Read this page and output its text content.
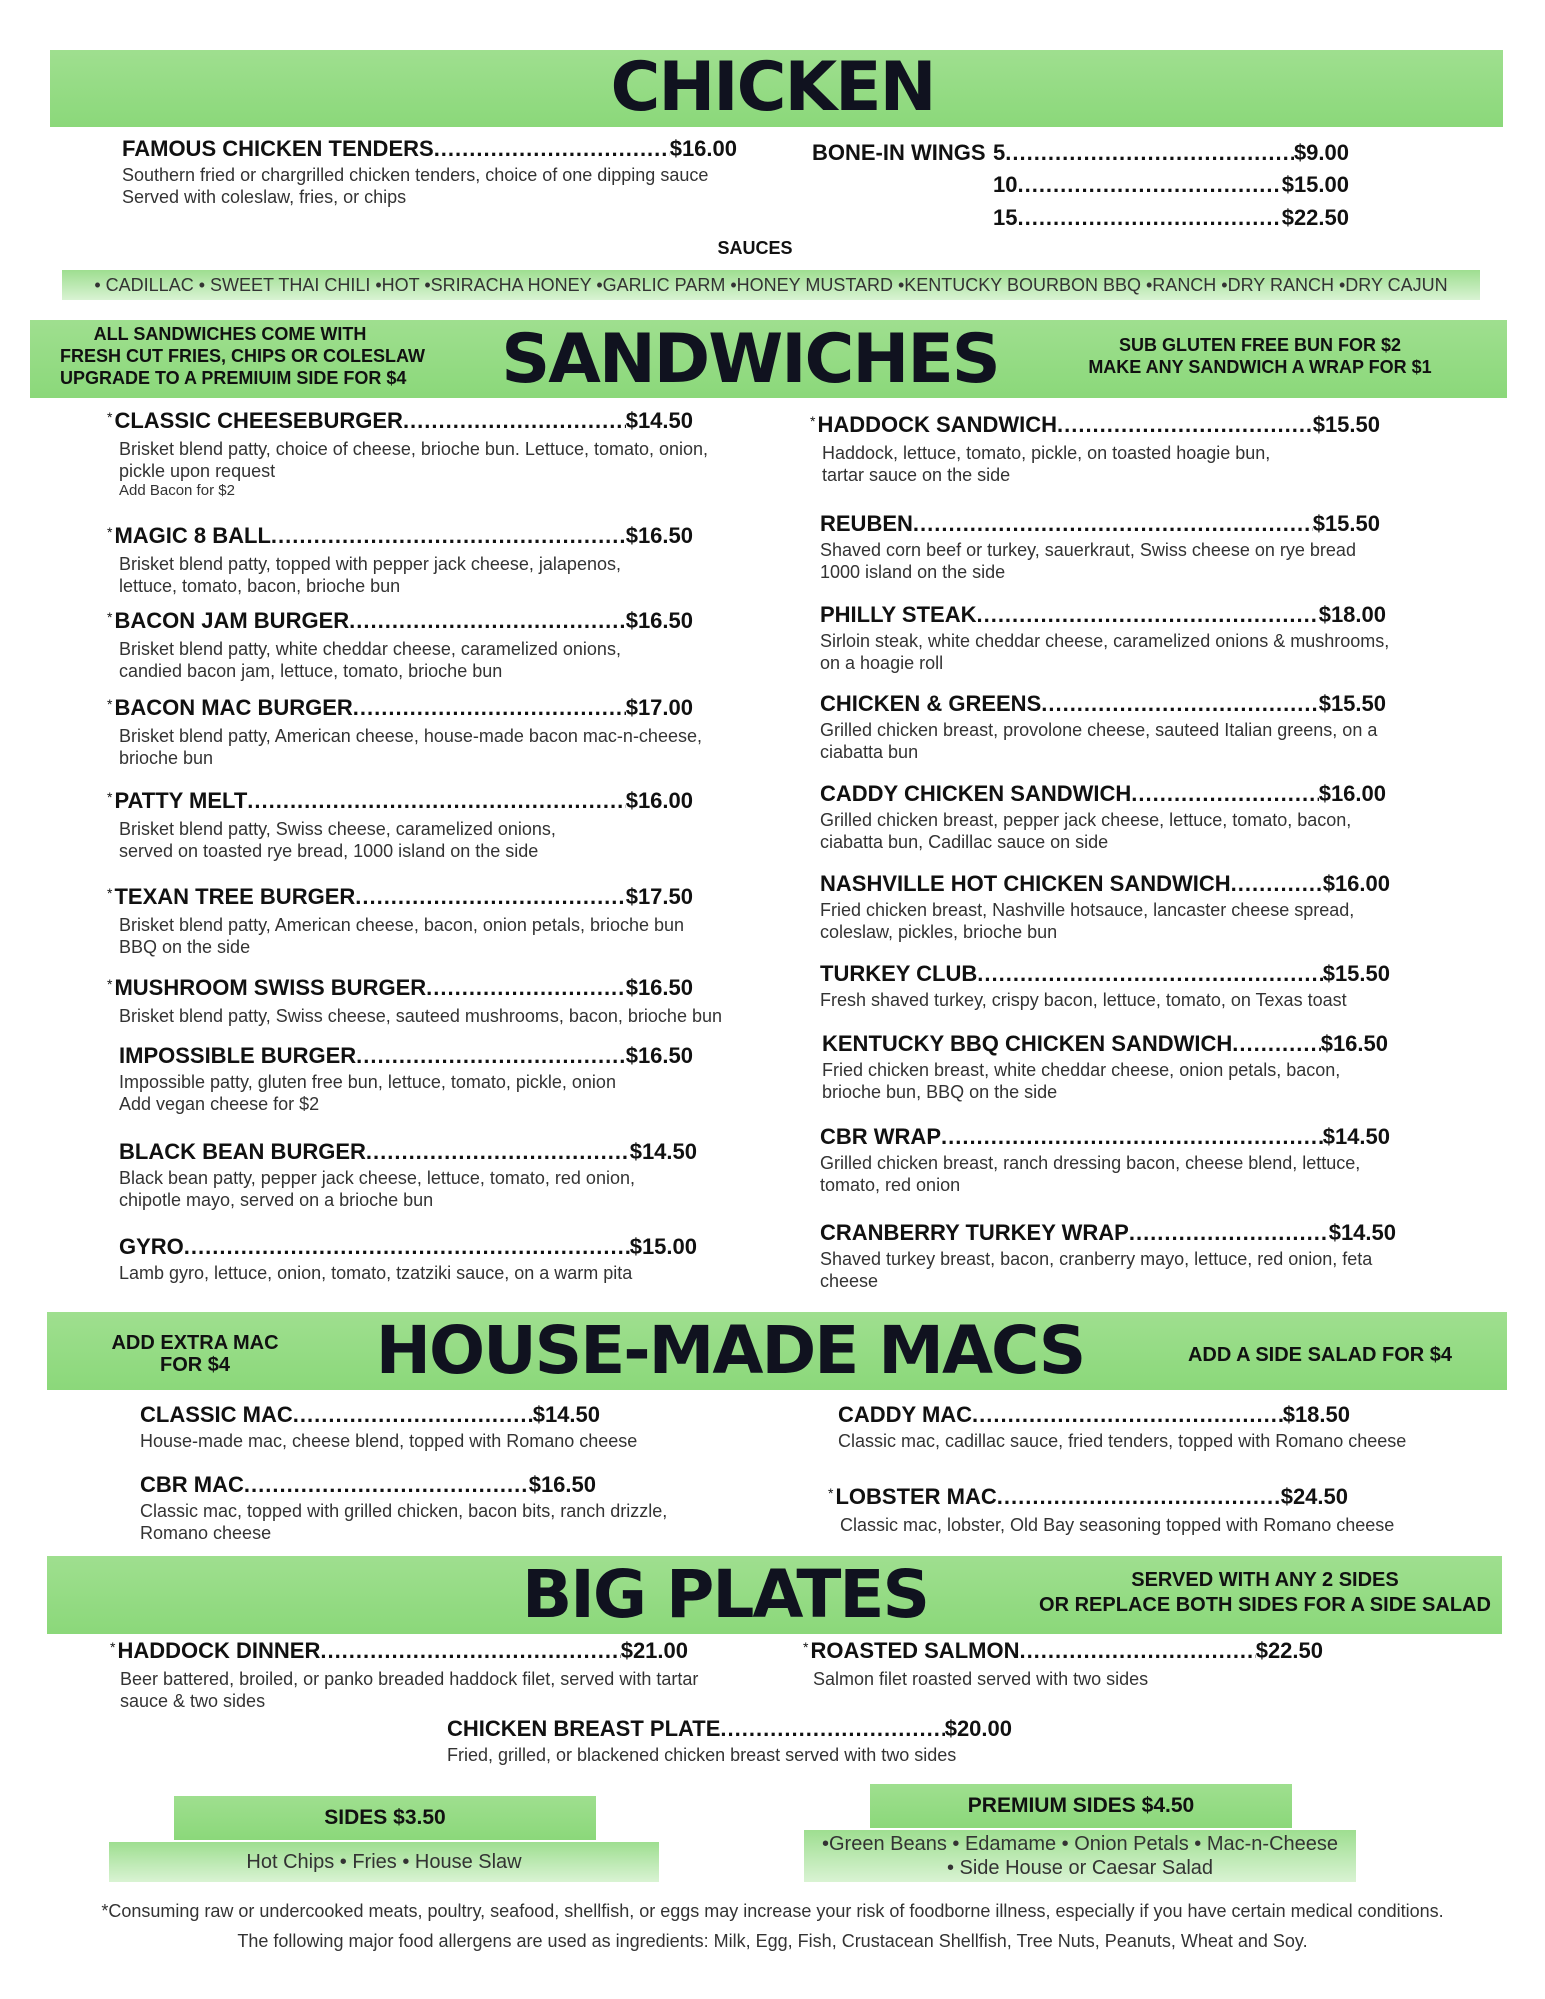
CHICKEN
FAMOUS CHICKEN TENDERS .....	$16.00
Southern fried or chargrilled chicken tenders, choice of one dipping sauce
Served with coleslaw, fries, or chips
BONE-IN WINGS 5 .....	$9.00
10 .....	$15.00
15 .....	$22.50
SAUCES
• CADILLAC • SWEET THAI CHILI •HOT •SRIRACHA HONEY •GARLIC PARM •HONEY MUSTARD •KENTUCKY BOURBON BBQ •RANCH •DRY RANCH •DRY CAJUN
ALL SANDWICHES COME WITH
FRESH CUT FRIES, CHIPS OR COLESLAW
UPGRADE TO A PREMIUIM SIDE FOR $4	SANDWICHES	SUB GLUTEN FREE BUN FOR $2
MAKE ANY SANDWICH A WRAP FOR $1
* CLASSIC CHEESEBURGER .....	$14.50
Brisket blend patty, choice of cheese, brioche bun. Lettuce, tomato, onion, pickle upon request
Add Bacon for $2
* MAGIC 8 BALL .....	$16.50
Brisket blend patty, topped with pepper jack cheese, jalapenos, lettuce, tomato, bacon, brioche bun
* BACON JAM BURGER .....	$16.50
Brisket blend patty, white cheddar cheese, caramelized onions, candied bacon jam, lettuce, tomato, brioche bun
* BACON MAC BURGER .....	$17.00
Brisket blend patty, American cheese, house-made bacon mac-n-cheese, brioche bun
* PATTY MELT .....	$16.00
Brisket blend patty, Swiss cheese, caramelized onions, served on toasted rye bread, 1000 island on the side
* TEXAN TREE BURGER .....	$17.50
Brisket blend patty, American cheese, bacon, onion petals, brioche bun BBQ on the side
* MUSHROOM SWISS BURGER .....	$16.50
Brisket blend patty, Swiss cheese, sauteed mushrooms, bacon, brioche bun
IMPOSSIBLE BURGER .....	$16.50
Impossible patty, gluten free bun, lettuce, tomato, pickle, onion
Add vegan cheese for $2
BLACK BEAN BURGER .....	$14.50
Black bean patty, pepper jack cheese, lettuce, tomato, red onion, chipotle mayo, served on a brioche bun
GYRO .....	$15.00
Lamb gyro, lettuce, onion, tomato, tzatziki sauce, on a warm pita
* HADDOCK SANDWICH .....	$15.50
Haddock, lettuce, tomato, pickle, on toasted hoagie bun, tartar sauce on the side
REUBEN .....	$15.50
Shaved corn beef or turkey, sauerkraut, Swiss cheese on rye bread 1000 island on the side
PHILLY STEAK .....	$18.00
Sirloin steak, white cheddar cheese, caramelized onions & mushrooms, on a hoagie roll
CHICKEN & GREENS .....	$15.50
Grilled chicken breast, provolone cheese, sauteed Italian greens, on a ciabatta bun
CADDY CHICKEN SANDWICH .....	$16.00
Grilled chicken breast, pepper jack cheese, lettuce, tomato, bacon, ciabatta bun, Cadillac sauce on side
NASHVILLE HOT CHICKEN SANDWICH .....	$16.00
Fried chicken breast, Nashville hotsauce, lancaster cheese spread, coleslaw, pickles, brioche bun
TURKEY CLUB .....	$15.50
Fresh shaved turkey, crispy bacon, lettuce, tomato, on Texas toast
KENTUCKY BBQ CHICKEN SANDWICH .....	$16.50
Fried chicken breast, white cheddar cheese, onion petals, bacon, brioche bun, BBQ on the side
CBR WRAP .....	$14.50
Grilled chicken breast, ranch dressing bacon, cheese blend, lettuce, tomato, red onion
CRANBERRY TURKEY WRAP .....	$14.50
Shaved turkey breast, bacon, cranberry mayo, lettuce, red onion, feta cheese
ADD EXTRA MAC
FOR $4	HOUSE-MADE MACS	ADD A SIDE SALAD FOR $4
CLASSIC MAC .....	$14.50
House-made mac, cheese blend, topped with Romano cheese
CADDY MAC .....	$18.50
Classic mac, cadillac sauce, fried tenders, topped with Romano cheese
CBR MAC .....	$16.50
Classic mac, topped with grilled chicken, bacon bits, ranch drizzle, Romano cheese
* LOBSTER MAC .....	$24.50
Classic mac, lobster, Old Bay seasoning topped with Romano cheese
BIG PLATES	SERVED WITH ANY 2 SIDES
OR REPLACE BOTH SIDES FOR A SIDE SALAD
* HADDOCK DINNER .....	$21.00
Beer battered, broiled, or panko breaded haddock filet, served with tartar sauce & two sides
* ROASTED SALMON .....	$22.50
Salmon filet roasted served with two sides
CHICKEN BREAST PLATE .....	$20.00
Fried, grilled, or blackened chicken breast served with two sides
SIDES $3.50
Hot Chips • Fries • House Slaw
PREMIUM SIDES $4.50
•Green Beans • Edamame • Onion Petals • Mac-n-Cheese
• Side House or Caesar Salad
*Consuming raw or undercooked meats, poultry, seafood, shellfish, or eggs may increase your risk of foodborne illness, especially if you have certain medical conditions.
The following major food allergens are used as ingredients: Milk, Egg, Fish, Crustacean Shellfish, Tree Nuts, Peanuts, Wheat and Soy.
